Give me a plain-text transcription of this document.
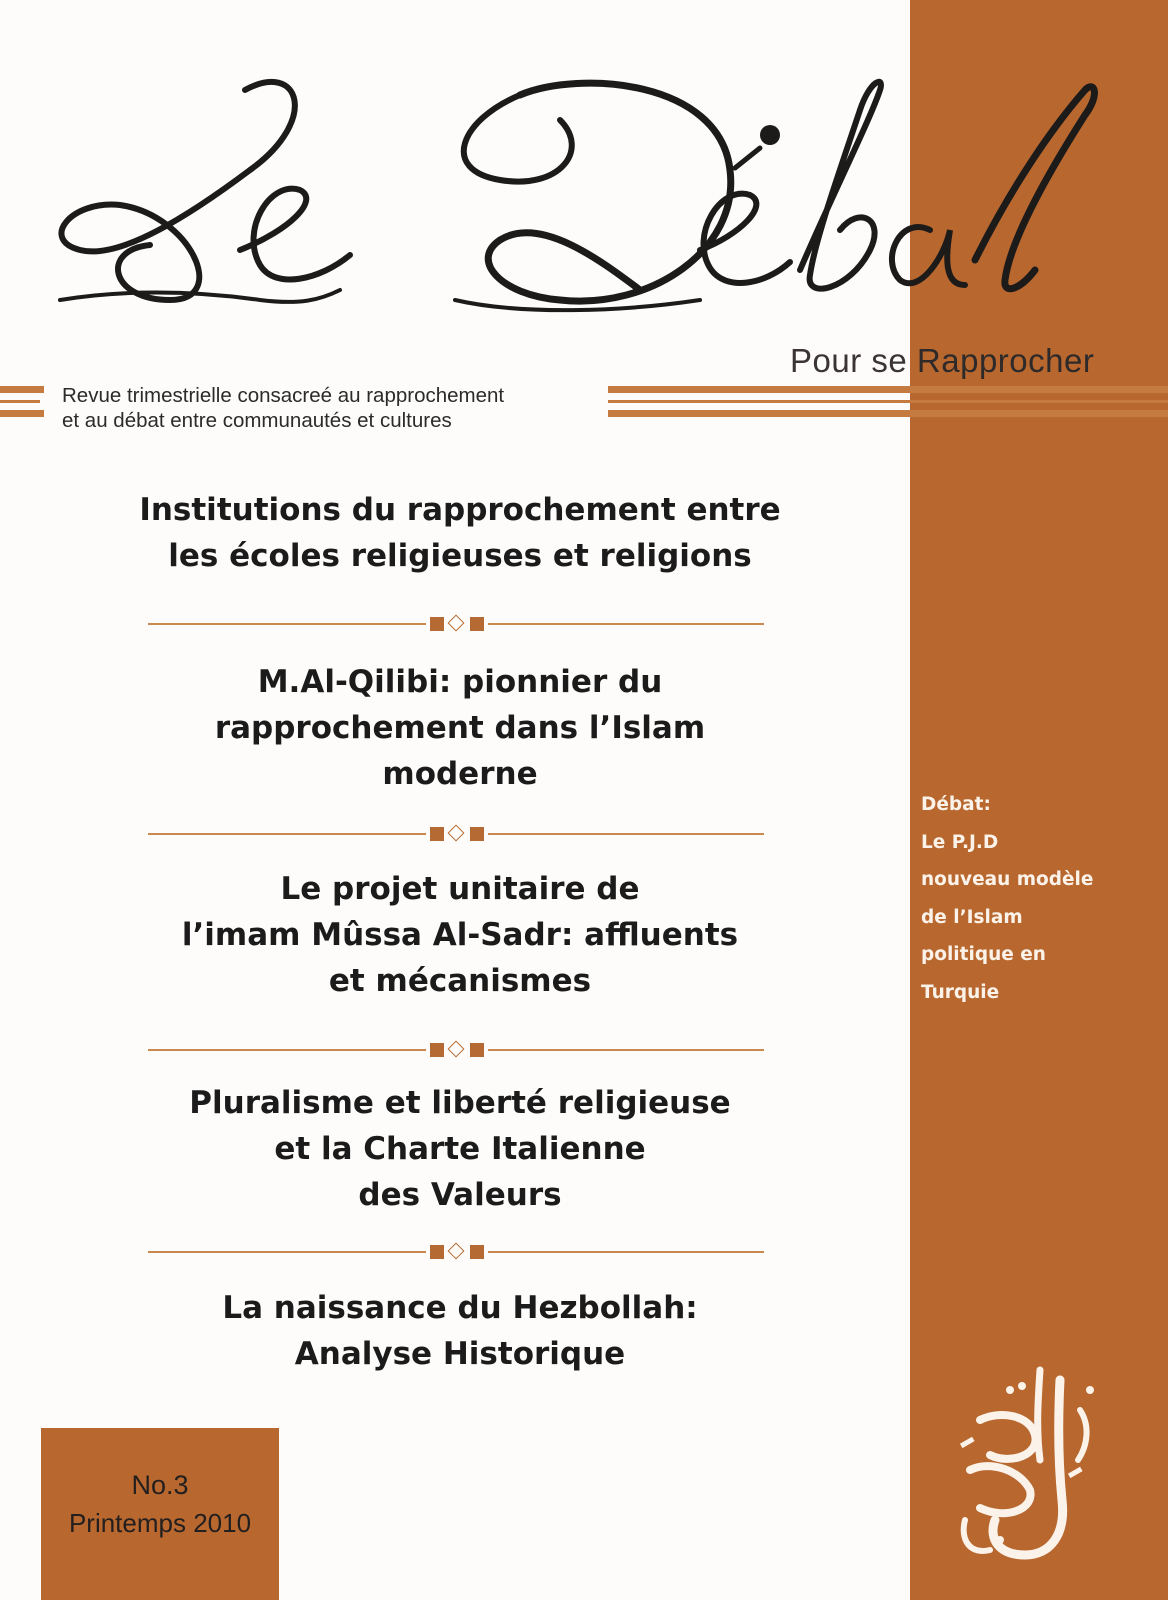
Pour se Rapprocher
Revue trimestrielle consacreé au rapprochement
et au débat entre communautés et cultures
Institutions du rapprochement entre
les écoles religieuses et religions
M.Al-Qilibi: pionnier du
rapprochement dans l’Islam
moderne
Le projet unitaire de
l’imam Mûssa Al-Sadr: affluents
et mécanismes
Pluralisme et liberté religieuse
et la Charte Italienne
des Valeurs
La naissance du Hezbollah:
Analyse Historique
Débat:
Le P.J.D
nouveau modèle
de l’Islam
politique en
Turquie
No.3
Printemps 2010
